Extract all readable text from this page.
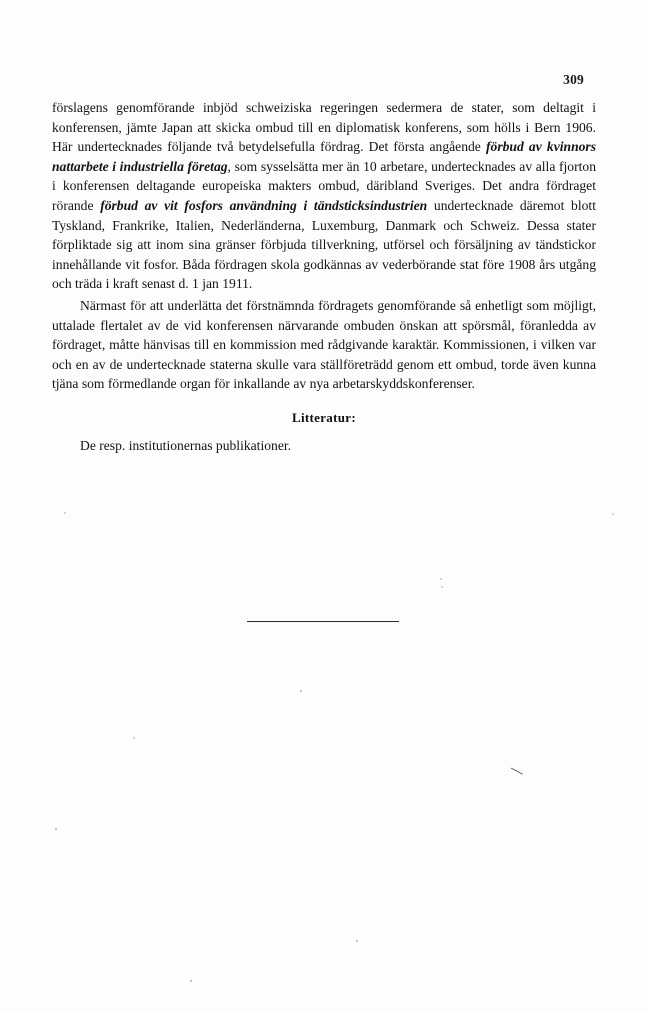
309

förslagens genomförande inbjöd schweiziska regeringen sedermera de stater, som deltagit i konferensen, jämte Japan att skicka ombud till en diplomatisk konferens, som hölls i Bern 1906. Här undertecknades följande två betydelsefulla fördrag. Det första angående förbud av kvinnors nattarbete i industriella företag, som sysselsätta mer än 10 arbetare, undertecknades av alla fjorton i konferensen deltagande europeiska makters ombud, däribland Sveriges. Det andra fördraget rörande förbud av vit fosfors användning i tändsticksindustrien undertecknade däremot blott Tyskland, Frankrike, Italien, Nederländerna, Luxemburg, Danmark och Schweiz. Dessa stater förpliktade sig att inom sina gränser förbjuda tillverkning, utförsel och försäljning av tändstickor innehållande vit fosfor. Båda fördragen skola godkännas av vederbörande stat före 1908 års utgång och träda i kraft senast d. 1 jan 1911.

Närmast för att underlätta det förstnämnda fördragets genomförande så enhetligt som möjligt, uttalade flertalet av de vid konferensen närvarande ombuden önskan att spörsmål, föranledda av fördraget, måtte hänvisas till en kommission med rådgivande karaktär. Kommissionen, i vilken var och en av de undertecknade staterna skulle vara ställföreträdd genom ett ombud, torde även kunna tjäna som förmedlande organ för inkallande av nya arbetarskyddskonferenser.

Litteratur:

De resp. institutionernas publikationer.
